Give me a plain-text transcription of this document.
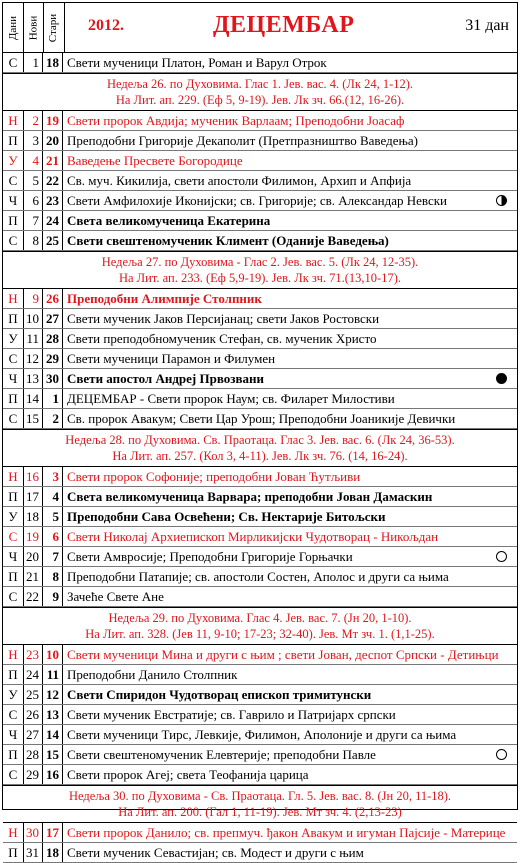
Дани Нови Стари 2012.	ДЕЦЕМБАР	31 дан
С	1 18 Свети мученици Платон, Роман и Варул Отрок
Недеља 26. по Духовима. Глас 1. Јев. вас. 4. (Лк 24, 1-12).
На Лит. ап. 229. (Еф 5, 9-19). Јев. Лк зч. 66.(12, 16-26).
Н	2 19 Свети пророк Авдија; мученик Варлаам; Преподобни Јоасаф
П	3 20 Преподобни Григорије Декаполит (Претпразништво Ваведења)
У	4 21 Ваведење Пресвете Богородице
С	5 22 Св. муч. Кикилија, свети апостоли Филимон, Архип и Апфија
Ч	6 23 Свети Амфилохије Иконијски; св. Григорије; св. Александар Невски
П	7 24 Света великомученица Екатерина
С	8 25 Свети свештеномученик Климент (Оданије Ваведења)
Недеља 27. по Духовима - Глас 2. Јев. вас. 5. (Лк 24, 12-35).
На Лит. ап. 233. (Еф 5,9-19). Јев. Лк зч. 71.(13,10-17).
Н	9 26 Преподобни Алимпије Столпник
П 10 27 Свети мученик Јаков Персијанац; свети Јаков Ростовски
У 11 28 Свети преподобномученик Стефан, св. мученик Христо
С 12 29 Свети мученици Парамон и Филумен
Ч 13 30 Свети апостол Андреј Првозвани
П 14	1 ДЕЦЕМБАР - Свети пророк Наум; св. Филарет Милостиви
С 15	2 Св. пророк Авакум; Свети Цар Урош; Преподобни Јоаникије Девички
Недеља 28. по Духовима. Св. Праотаца. Глас 3. Јев. вас. 6. (Лк 24, 36-53).
На Лит. ап. 257. (Кол 3, 4-11). Јев. Лк зч. 76. (14, 16-24).
Н 16	3 Свети пророк Софоније; преподобни Јован Ћутљиви
П 17	4 Света великомученица Варвара; преподобни Јован Дамаскин
У 18	5 Преподобни Сава Освећени; Св. Нектарије Битољски
С 19	6 Свети Николај Архиепископ Мирликијски Чудотворац - Никољдан
Ч 20	7 Свети Амвросије; Преподобни Григорије Горњачки
П 21	8 Преподобни Патапије; св. апостоли Состен, Аполос и други са њима
С 22	9 Зачеће Свете Ане
Недеља 29. по Духовима. Глас 4. Јев. вас. 7. (Јн 20, 1-10).
На Лит. ап. 328. (Јев 11, 9-10; 17-23; 32-40). Јев. Мт зч. 1. (1,1-25).
Н 23 10 Свети мученици Мина и други с њим ; свети Јован, деспот Српски - Детињци
П 24 11 Преподобни Данило Столпник
У 25 12 Свети Спиридон Чудотворац епископ тримитунски
С 26 13 Свети мученик Евстратије; св. Гаврило и Патријарх српски
Ч 27 14 Свети мученици Тирс, Левкије, Филимон, Аполоније и други са њима
П 28 15 Свети свештеномученик Елевтерије; преподобни Павле
С 29 16 Свети пророк Агеј; света Теофанија царица
Недеља 30. по Духовима - Св. Праотаца. Гл. 5. Јев. вас. 8. (Јн 20, 11-18).
На Лит. ап. 200. (Гал 1, 11-19). Јев. Мт зч. 4. (2,13-23)
Н 30 17 Свети пророк Данило; св. препмуч. ђакон Авакум и игуман Пајсије - Материце
П 31 18 Свети мученик Севастијан; св. Модест и други с њим
